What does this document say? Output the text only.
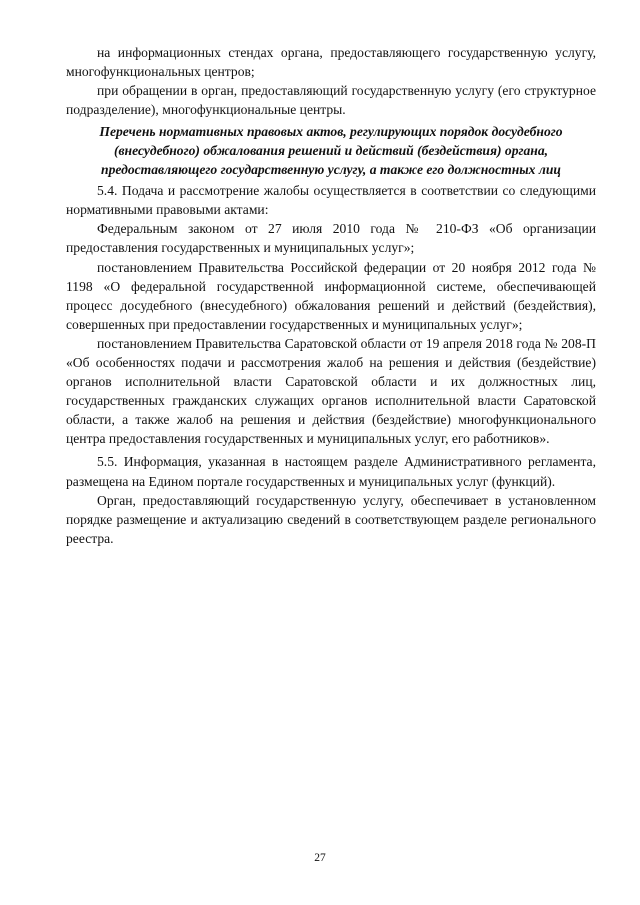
на информационных стендах органа, предоставляющего государственную услугу, многофункциональных центров;

при обращении в орган, предоставляющий государственную услугу (его структурное подразделение), многофункциональные центры.

Перечень нормативных правовых актов, регулирующих порядок досудебного (внесудебного) обжалования решений и действий (бездействия) органа, предоставляющего государственную услугу, а также его должностных лиц

5.4. Подача и рассмотрение жалобы осуществляется в соответствии со следующими нормативными правовыми актами:

Федеральным законом от 27 июля 2010 года № 210-ФЗ «Об организации предоставления государственных и муниципальных услуг»;

постановлением Правительства Российской федерации от 20 ноября 2012 года № 1198 «О федеральной государственной информационной системе, обеспечивающей процесс досудебного (внесудебного) обжалования решений и действий (бездействия), совершенных при предоставлении государственных и муниципальных услуг»;

постановлением Правительства Саратовской области от 19 апреля 2018 года № 208-П «Об особенностях подачи и рассмотрения жалоб на решения и действия (бездействие) органов исполнительной власти Саратовской области и их должностных лиц, государственных гражданских служащих органов исполнительной власти Саратовской области, а также жалоб на решения и действия (бездействие) многофункционального центра предоставления государственных и муниципальных услуг, его работников».

5.5. Информация, указанная в настоящем разделе Административного регламента, размещена на Едином портале государственных и муниципальных услуг (функций).

Орган, предоставляющий государственную услугу, обеспечивает в установленном порядке размещение и актуализацию сведений в соответствующем разделе регионального реестра.

27
